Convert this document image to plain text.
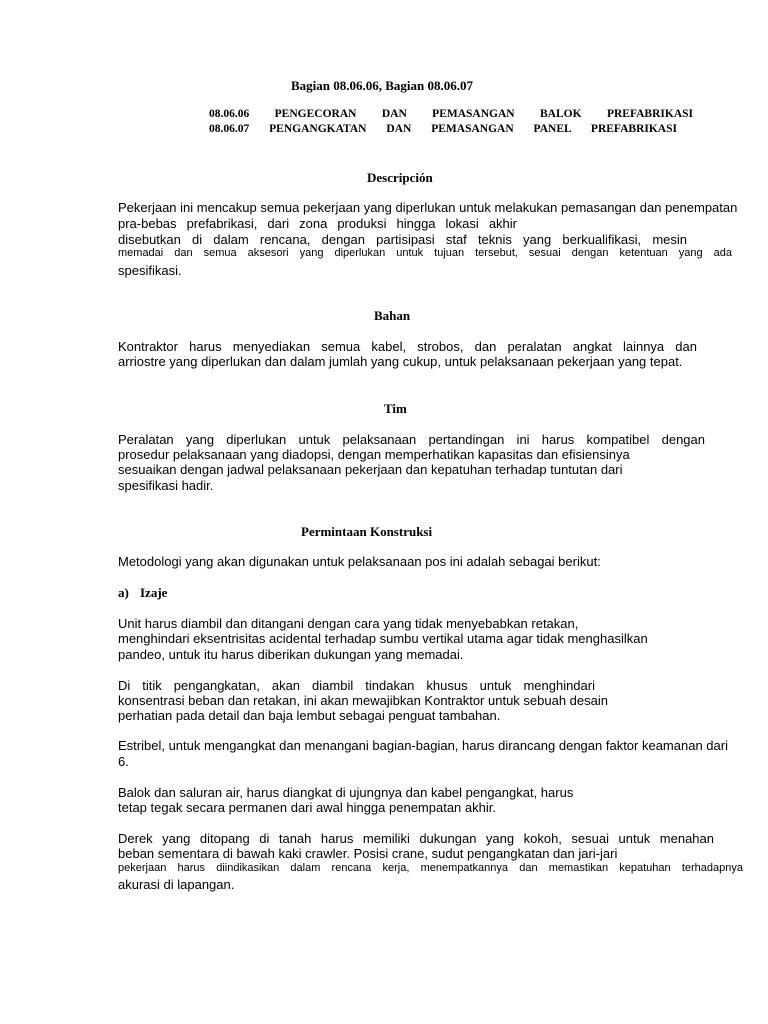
Bagian 08.06.06, Bagian 08.06.07
08.06.06 PENGECORAN DAN PEMASANGAN BALOK PREFABRIKASI
08.06.07 PENGANGKATAN DAN PEMASANGAN PANEL PREFABRIKASI
Descripción
Pekerjaan ini mencakup semua pekerjaan yang diperlukan untuk melakukan pemasangan dan penempatan
pra-bebas prefabrikasi, dari zona produksi hingga lokasi akhir
disebutkan di dalam rencana, dengan partisipasi staf teknis yang berkualifikasi, mesin
memadai dan semua aksesori yang diperlukan untuk tujuan tersebut, sesuai dengan ketentuan yang ada
spesifikasi.
Bahan
Kontraktor harus menyediakan semua kabel, strobos, dan peralatan angkat lainnya dan
arriostre yang diperlukan dan dalam jumlah yang cukup, untuk pelaksanaan pekerjaan yang tepat.
Tim
Peralatan yang diperlukan untuk pelaksanaan pertandingan ini harus kompatibel dengan
prosedur pelaksanaan yang diadopsi, dengan memperhatikan kapasitas dan efisiensinya
sesuaikan dengan jadwal pelaksanaan pekerjaan dan kepatuhan terhadap tuntutan dari
spesifikasi hadir.
Permintaan Konstruksi
Metodologi yang akan digunakan untuk pelaksanaan pos ini adalah sebagai berikut:
a) Izaje
Unit harus diambil dan ditangani dengan cara yang tidak menyebabkan retakan,
menghindari eksentrisitas acidental terhadap sumbu vertikal utama agar tidak menghasilkan
pandeo, untuk itu harus diberikan dukungan yang memadai.
Di titik pengangkatan, akan diambil tindakan khusus untuk menghindari
konsentrasi beban dan retakan, ini akan mewajibkan Kontraktor untuk sebuah desain
perhatian pada detail dan baja lembut sebagai penguat tambahan.
Estribel, untuk mengangkat dan menangani bagian-bagian, harus dirancang dengan faktor keamanan dari
6.
Balok dan saluran air, harus diangkat di ujungnya dan kabel pengangkat, harus
tetap tegak secara permanen dari awal hingga penempatan akhir.
Derek yang ditopang di tanah harus memiliki dukungan yang kokoh, sesuai untuk menahan
beban sementara di bawah kaki crawler. Posisi crane, sudut pengangkatan dan jari-jari
pekerjaan harus diindikasikan dalam rencana kerja, menempatkannya dan memastikan kepatuhan terhadapnya
akurasi di lapangan.
